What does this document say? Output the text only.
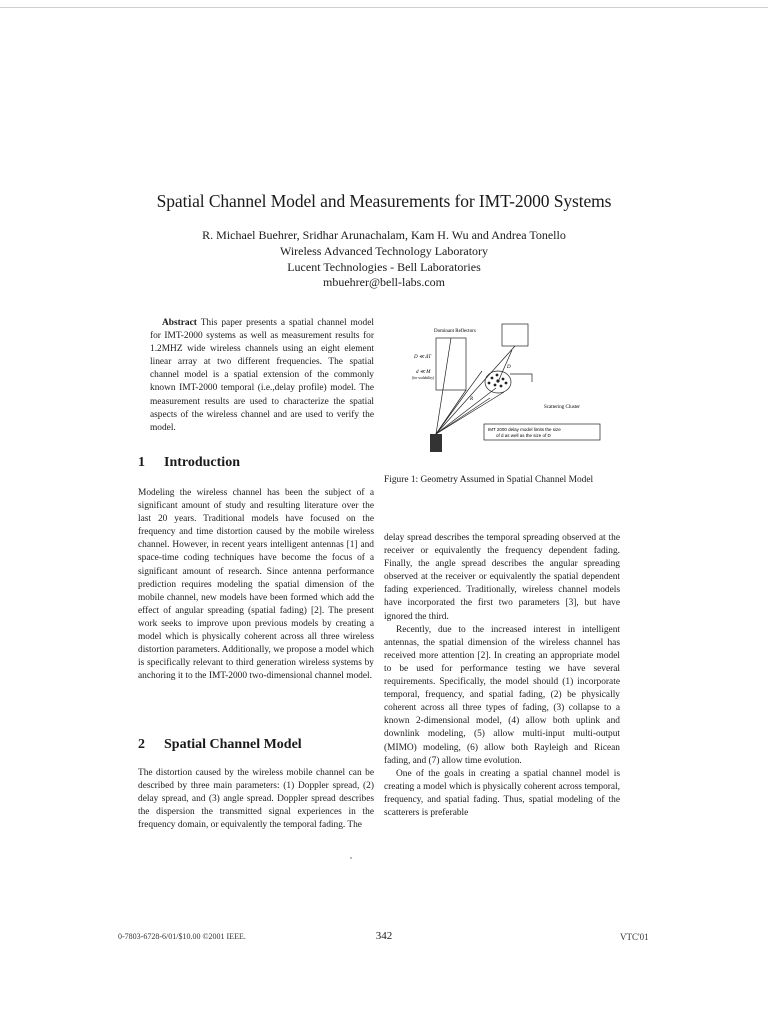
Spatial Channel Model and Measurements for IMT-2000 Systems
R. Michael Buehrer, Sridhar Arunachalam, Kam H. Wu and Andrea Tonello
Wireless Advanced Technology Laboratory
Lucent Technologies - Bell Laboratories
mbuehrer@bell-labs.com

Abstract This paper presents a spatial channel model for IMT-2000 systems as well as measurement results for 1.2MHZ wide wireless channels using an eight element linear array at two different frequencies. The spatial channel model is a spatial extension of the commonly known IMT-2000 temporal (i.e.,delay profile) model. The measurement results are used to characterize the spatial aspects of the wireless channel and are used to verify the model.

1 Introduction

Modeling the wireless channel has been the subject of a significant amount of study and resulting literature over the last 20 years. Traditional models have focused on the frequency and time distortion caused by the mobile wireless channel. However, in recent years intelligent antennas [1] and space-time coding techniques have become the focus of a significant amount of research. Since antenna performance prediction requires modeling the spatial dimension of the mobile channel, new models have been formed which add the effect of angular spreading (spatial fading) [2]. The present work seeks to improve upon previous models by creating a model which is physically coherent across all three wireless distortion parameters. Additionally, we propose a model which is specifically relevant to third generation wireless systems by anchoring it to the IMT-2000 two-dimensional channel model.

2 Spatial Channel Model

The distortion caused by the wireless mobile channel can be described by three main parameters: (1) Doppler spread, (2) delay spread, and (3) angle spread. Doppler spread describes the dispersion the transmitted signal experiences in the frequency domain, or equivalently the temporal fading. The

Dominant Reflectors
D ≪ ΔT
d ≪ M
(for scalability)
D
R
Scattering Cluster
IMT 2000 delay model limits the size
of d as well as the size of D
Figure 1: Geometry Assumed in Spatial Channel Model

delay spread describes the temporal spreading observed at the receiver or equivalently the frequency dependent fading. Finally, the angle spread describes the angular spreading observed at the receiver or equivalently the spatial dependent fading experienced. Traditionally, wireless channel models have incorporated the first two parameters [3], but have ignored the third.

Recently, due to the increased interest in intelligent antennas, the spatial dimension of the wireless channel has received more attention [2]. In creating an appropriate model to be used for performance testing we have several requirements. Specifically, the model should (1) incorporate temporal, frequency, and spatial fading, (2) be physically coherent across all three types of fading, (3) collapse to a known 2-dimensional model, (4) allow both uplink and downlink modeling, (5) allow multi-input multi-output (MIMO) modeling, (6) allow both Rayleigh and Ricean fading, and (7) allow time evolution.

One of the goals in creating a spatial channel model is creating a model which is physically coherent across temporal, frequency, and spatial fading. Thus, spatial modeling of the scatterers is preferable

0-7803-6728-6/01/$10.00 ©2001 IEEE.	342	VTC'01
